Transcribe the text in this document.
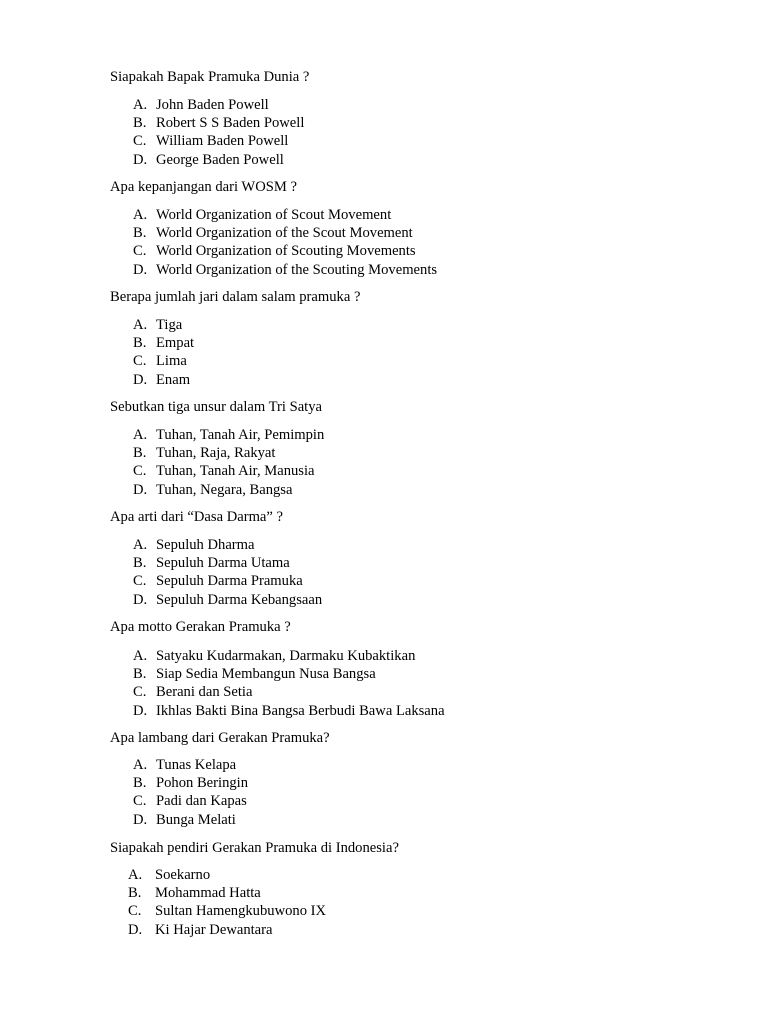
Siapakah Bapak Pramuka Dunia ?
A. John Baden Powell
B. Robert S S Baden Powell
C. William Baden Powell
D. George Baden Powell
Apa kepanjangan dari WOSM ?
A. World Organization of Scout Movement
B. World Organization of the Scout Movement
C. World Organization of Scouting Movements
D. World Organization of the Scouting Movements
Berapa jumlah jari dalam salam pramuka ?
A. Tiga
B. Empat
C. Lima
D. Enam
Sebutkan tiga unsur dalam Tri Satya
A. Tuhan, Tanah Air, Pemimpin
B. Tuhan, Raja, Rakyat
C. Tuhan, Tanah Air, Manusia
D. Tuhan, Negara, Bangsa
Apa arti dari “Dasa Darma” ?
A. Sepuluh Dharma
B. Sepuluh Darma Utama
C. Sepuluh Darma Pramuka
D. Sepuluh Darma Kebangsaan
Apa motto Gerakan Pramuka ?
A. Satyaku Kudarmakan, Darmaku Kubaktikan
B. Siap Sedia Membangun Nusa Bangsa
C. Berani dan Setia
D. Ikhlas Bakti Bina Bangsa Berbudi Bawa Laksana
Apa lambang dari Gerakan Pramuka?
A. Tunas Kelapa
B. Pohon Beringin
C. Padi dan Kapas
D. Bunga Melati
Siapakah pendiri Gerakan Pramuka di Indonesia?
A. Soekarno
B. Mohammad Hatta
C. Sultan Hamengkubuwono IX
D. Ki Hajar Dewantara
